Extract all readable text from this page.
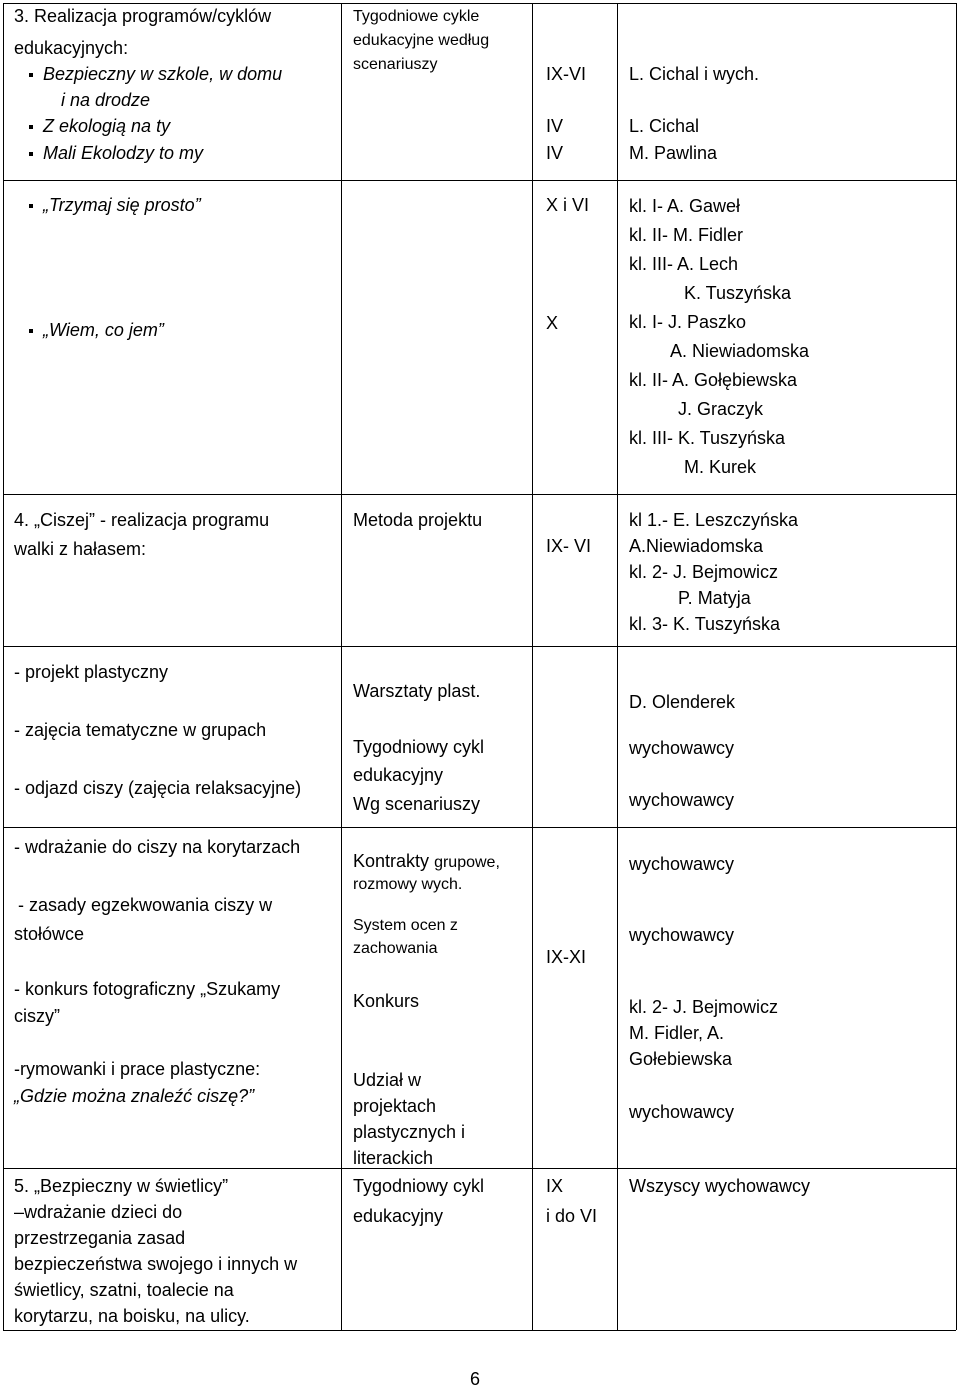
3. Realizacja programów/cyklów
edukacyjnych:
Bezpieczny w szkole, w domu
i na drodze
Z ekologią na ty
Mali Ekolodzy to my
Tygodniowe cykle edukacyjne według scenariuszy	IX-VI
IV
IV
L. Cichal i wych.
L. Cichal
M. Pawlina
„Trzymaj się prosto”
„Wiem, co jem”
X i VI
X
kl. I- A. Gaweł
kl. II- M. Fidler
kl. III- A. Lech
K. Tuszyńska
kl. I- J. Paszko
A. Niewiadomska
kl. II- A. Gołębiewska
J. Graczyk
kl. III- K. Tuszyńska
M. Kurek
4. „Ciszej” - realizacja programu
walki z hałasem:
Metoda projektu
IX- VI
kl 1.- E. Leszczyńska
A.Niewiadomska
kl. 2- J. Bejmowicz
P. Matyja
kl. 3- K. Tuszyńska
- projekt plastyczny
- zajęcia tematyczne w grupach
- odjazd ciszy (zajęcia relaksacyjne)
Warsztaty plast.
Tygodniowy cykl
edukacyjny
Wg scenariuszy
D. Olenderek
wychowawcy
wychowawcy
- wdrażanie do ciszy na korytarzach
- zasady egzekwowania ciszy w
stołówce
- konkurs fotograficzny „Szukamy
ciszy”
-rymowanki i prace plastyczne:
„Gdzie można znaleźć ciszę?”
Kontrakty grupowe,
rozmowy wych.
System ocen z
zachowania
Konkurs
Udział w
projektach
plastycznych i
literackich
IX-XI
wychowawcy
wychowawcy
kl. 2- J. Bejmowicz
M. Fidler, A.
Gołebiewska
wychowawcy
5. „Bezpieczny w świetlicy”
–wdrażanie dzieci do
przestrzegania zasad
bezpieczeństwa swojego i innych w
świetlicy, szatni, toalecie na
korytarzu, na boisku, na ulicy.
Tygodniowy cykl
edukacyjny
IX
i do VI
Wszyscy wychowawcy
6
